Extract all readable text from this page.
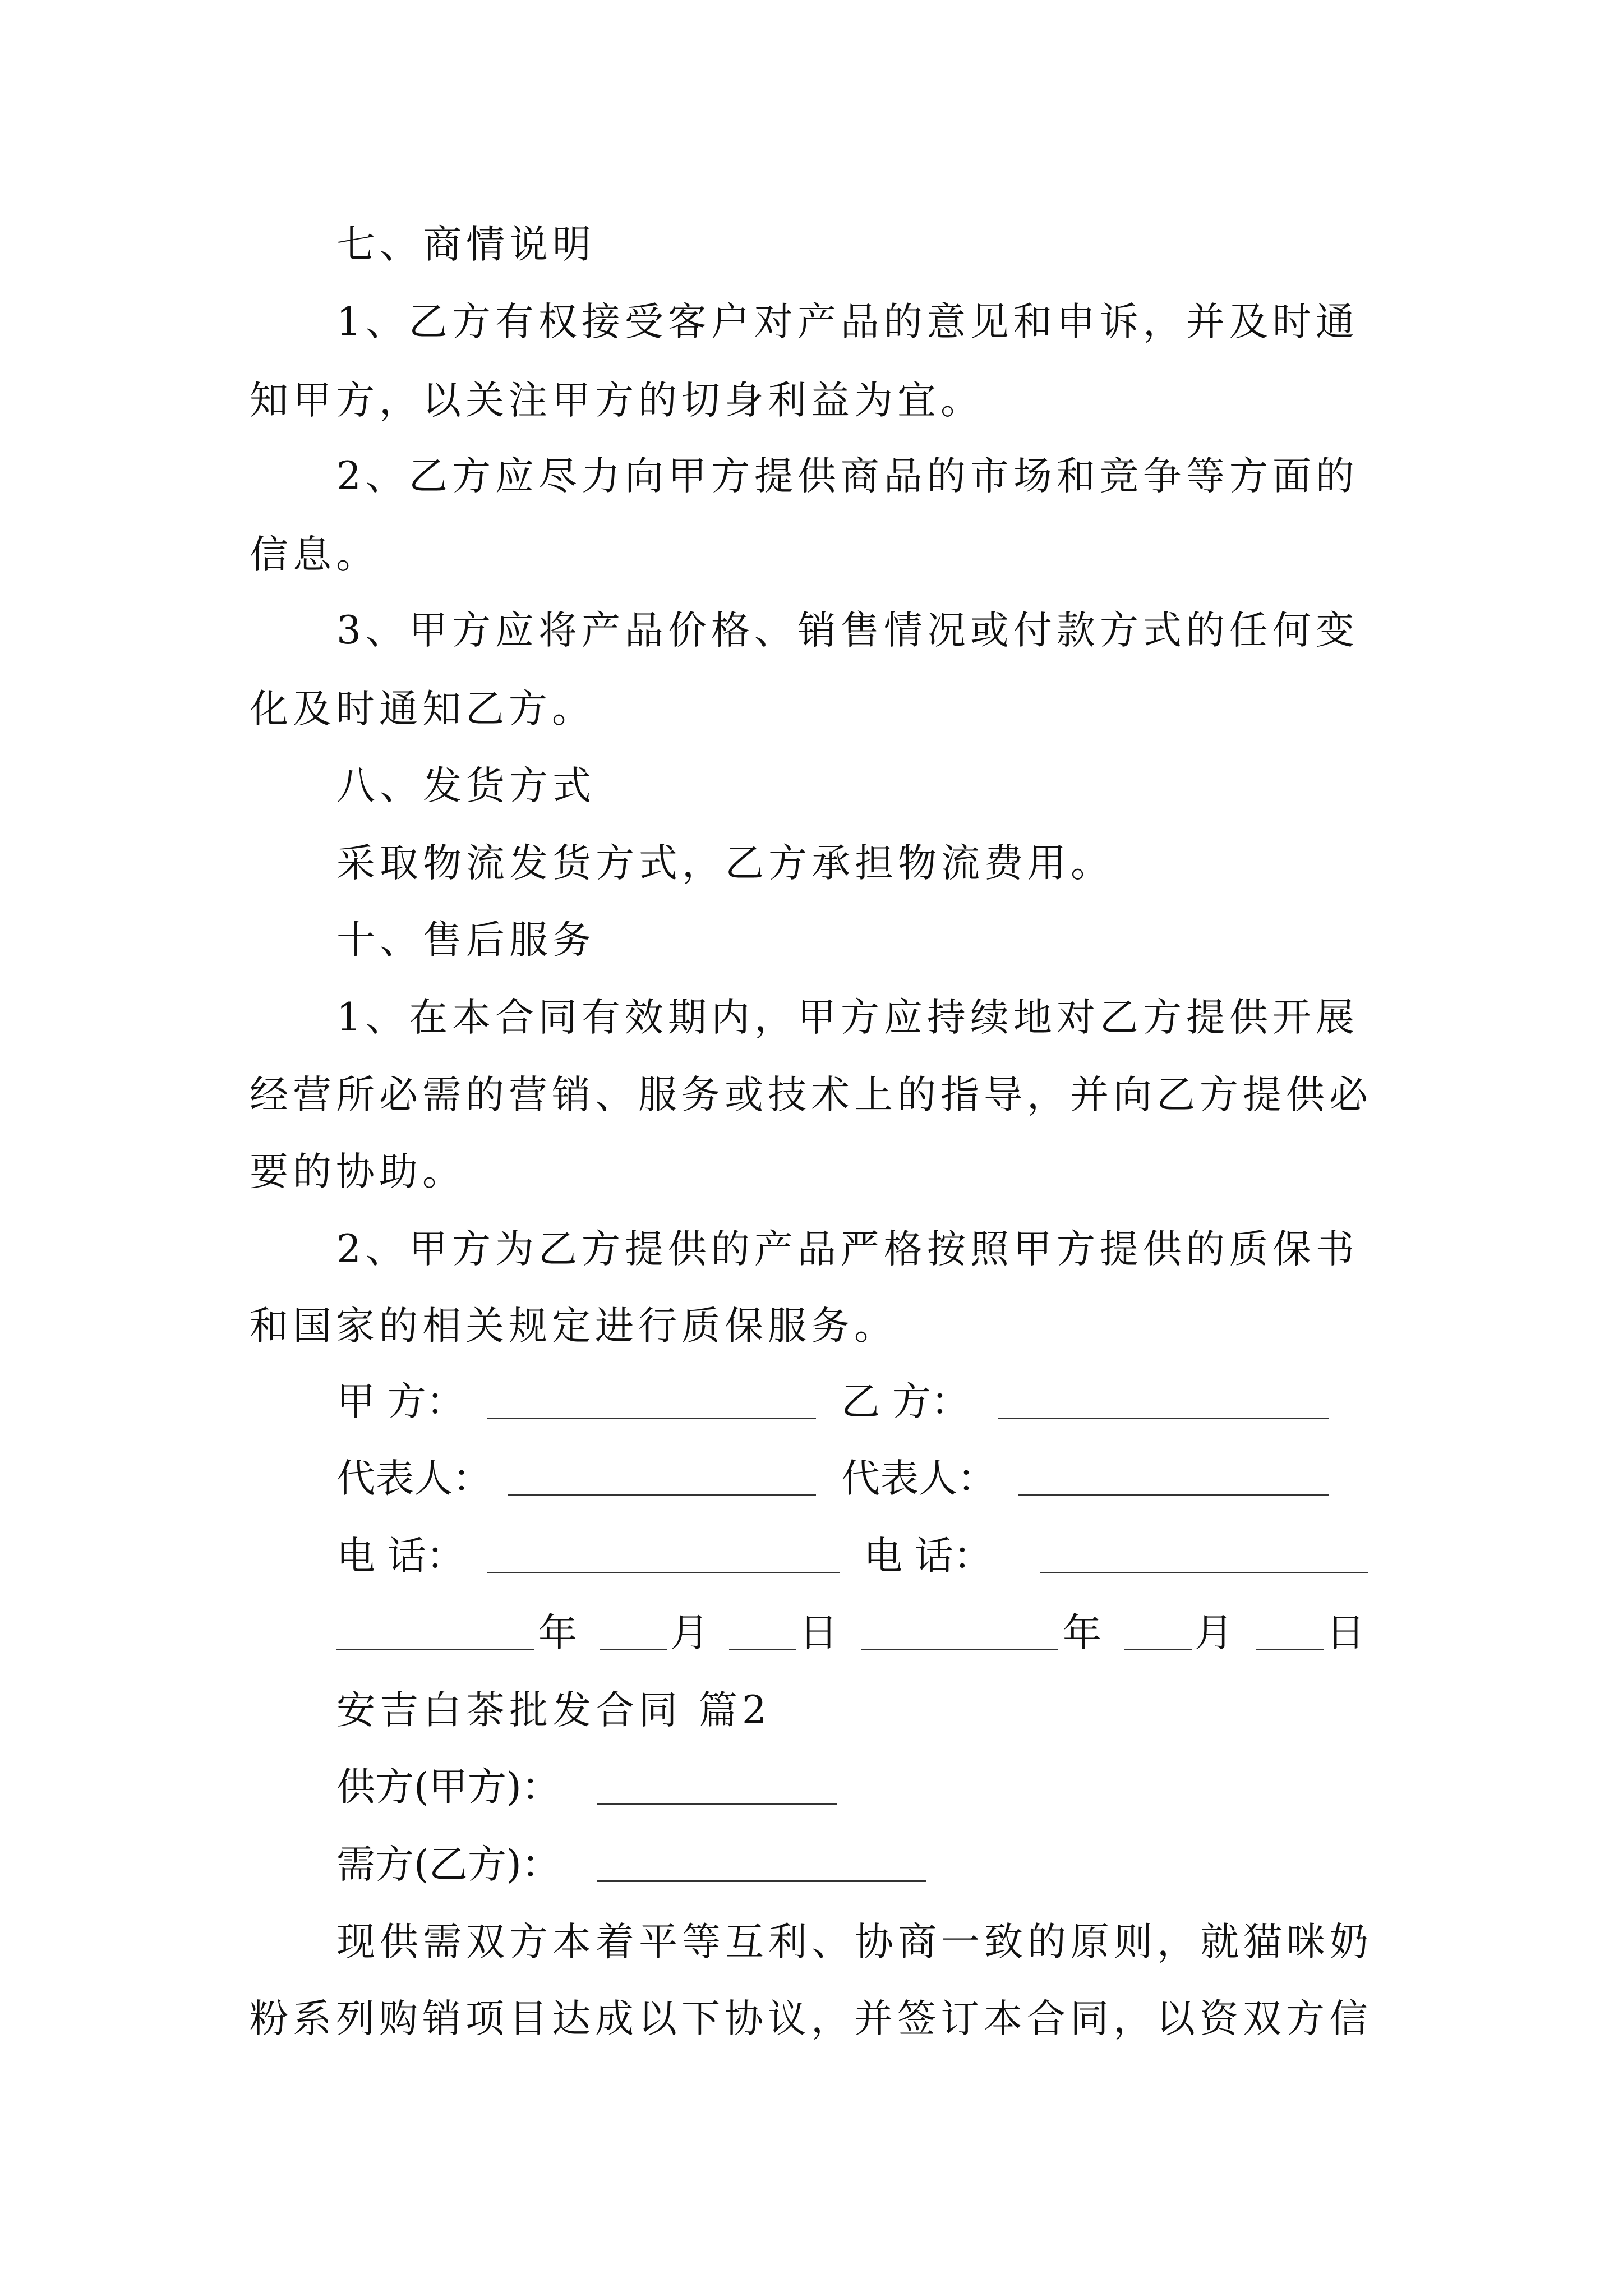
七、商情说明
1、乙方有权接受客户对产品的意见和申诉，并及时通
知甲方，以关注甲方的切身利益为宜。
2、乙方应尽力向甲方提供商品的市场和竞争等方面的
信息。
3、甲方应将产品价格、销售情况或付款方式的任何变
化及时通知乙方。
八、发货方式
采取物流发货方式，乙方承担物流费用。
十、售后服务
1、在本合同有效期内，甲方应持续地对乙方提供开展
经营所必需的营销、服务或技术上的指导，并向乙方提供必
要的协助。
2、甲方为乙方提供的产品严格按照甲方提供的质保书
和国家的相关规定进行质保服务。
甲 方：	乙 方：
代表人：	代表人：
电 话：	电 话：
年 月 日	年 月 日
安吉白茶批发合同 篇2
供方(甲方)：
需方(乙方)：
现供需双方本着平等互利、协商一致的原则，就猫咪奶
粉系列购销项目达成以下协议，并签订本合同，以资双方信
